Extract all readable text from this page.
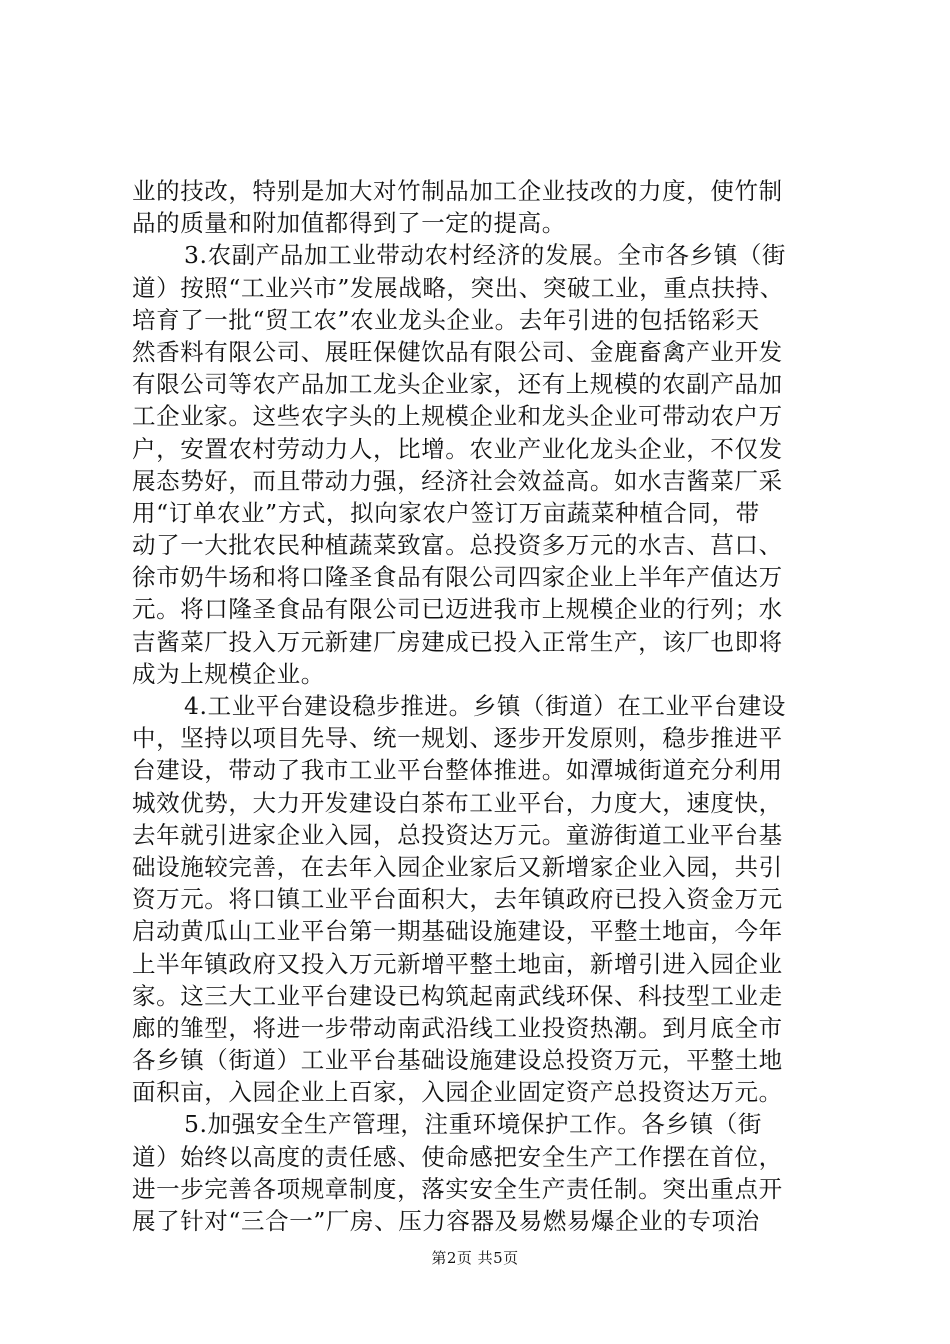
业的技改，特别是加大对竹制品加工企业技改的力度，使竹制
品的质量和附加值都得到了一定的提高。
3.农副产品加工业带动农村经济的发展。全市各乡镇（街
道）按照“工业兴市”发展战略，突出、突破工业，重点扶持、
培育了一批“贸工农”农业龙头企业。去年引进的包括铭彩天
然香料有限公司、展旺保健饮品有限公司、金鹿畜禽产业开发
有限公司等农产品加工龙头企业家，还有上规模的农副产品加
工企业家。这些农字头的上规模企业和龙头企业可带动农户万
户，安置农村劳动力人，比增。农业产业化龙头企业，不仅发
展态势好，而且带动力强，经济社会效益高。如水吉酱菜厂采
用“订单农业”方式，拟向家农户签订万亩蔬菜种植合同，带
动了一大批农民种植蔬菜致富。总投资多万元的水吉、莒口、
徐市奶牛场和将口隆圣食品有限公司四家企业上半年产值达万
元。将口隆圣食品有限公司已迈进我市上规模企业的行列；水
吉酱菜厂投入万元新建厂房建成已投入正常生产，该厂也即将
成为上规模企业。
4.工业平台建设稳步推进。乡镇（街道）在工业平台建设
中，坚持以项目先导、统一规划、逐步开发原则，稳步推进平
台建设，带动了我市工业平台整体推进。如潭城街道充分利用
城效优势，大力开发建设白茶布工业平台，力度大，速度快，
去年就引进家企业入园，总投资达万元。童游街道工业平台基
础设施较完善，在去年入园企业家后又新增家企业入园，共引
资万元。将口镇工业平台面积大，去年镇政府已投入资金万元
启动黄瓜山工业平台第一期基础设施建设，平整土地亩，今年
上半年镇政府又投入万元新增平整土地亩，新增引进入园企业
家。这三大工业平台建设已构筑起南武线环保、科技型工业走
廊的雏型，将进一步带动南武沿线工业投资热潮。到月底全市
各乡镇（街道）工业平台基础设施建设总投资万元，平整土地
面积亩，入园企业上百家，入园企业固定资产总投资达万元。
5.加强安全生产管理，注重环境保护工作。各乡镇（街
道）始终以高度的责任感、使命感把安全生产工作摆在首位，
进一步完善各项规章制度，落实安全生产责任制。突出重点开
展了针对“三合一”厂房、压力容器及易燃易爆企业的专项治
第2页 共5页
